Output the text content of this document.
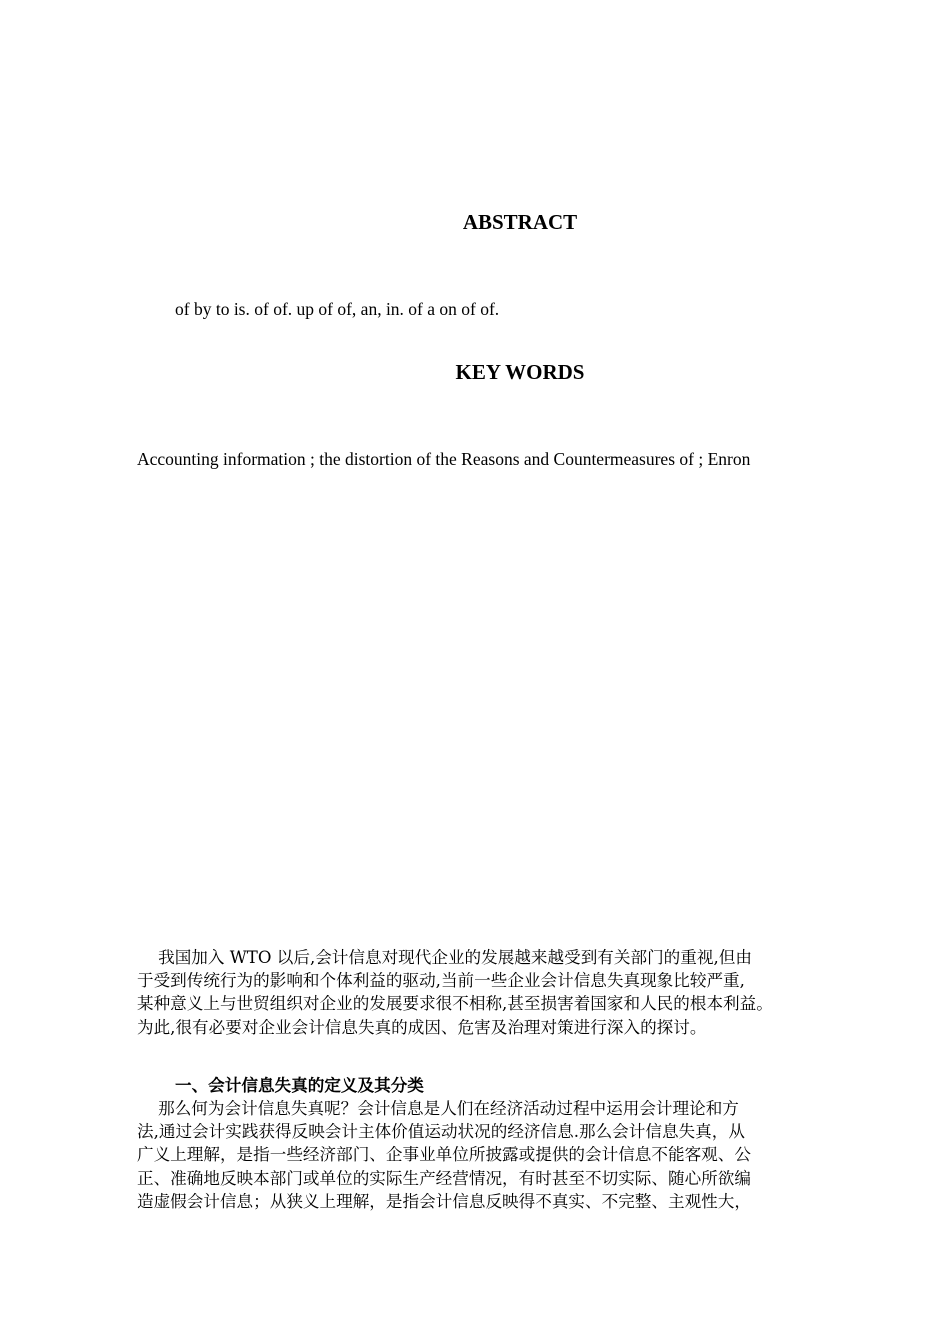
ABSTRACT
of by to is. of of. up of of, an, in. of a on of of.
KEY WORDS
Accounting information ; the distortion of the Reasons and Countermeasures of ; Enron
我国加入 WTO 以后,会计信息对现代企业的发展越来越受到有关部门的重视,但由
于受到传统行为的影响和个体利益的驱动,当前一些企业会计信息失真现象比较严重,
某种意义上与世贸组织对企业的发展要求很不相称,甚至损害着国家和人民的根本利益。
为此,很有必要对企业会计信息失真的成因、危害及治理对策进行深入的探讨。
一、会计信息失真的定义及其分类
那么何为会计信息失真呢？会计信息是人们在经济活动过程中运用会计理论和方
法,通过会计实践获得反映会计主体价值运动状况的经济信息.那么会计信息失真，从
广义上理解，是指一些经济部门、企事业单位所披露或提供的会计信息不能客观、公
正、准确地反映本部门或单位的实际生产经营情况，有时甚至不切实际、随心所欲编
造虚假会计信息；从狭义上理解，是指会计信息反映得不真实、不完整、主观性大，
